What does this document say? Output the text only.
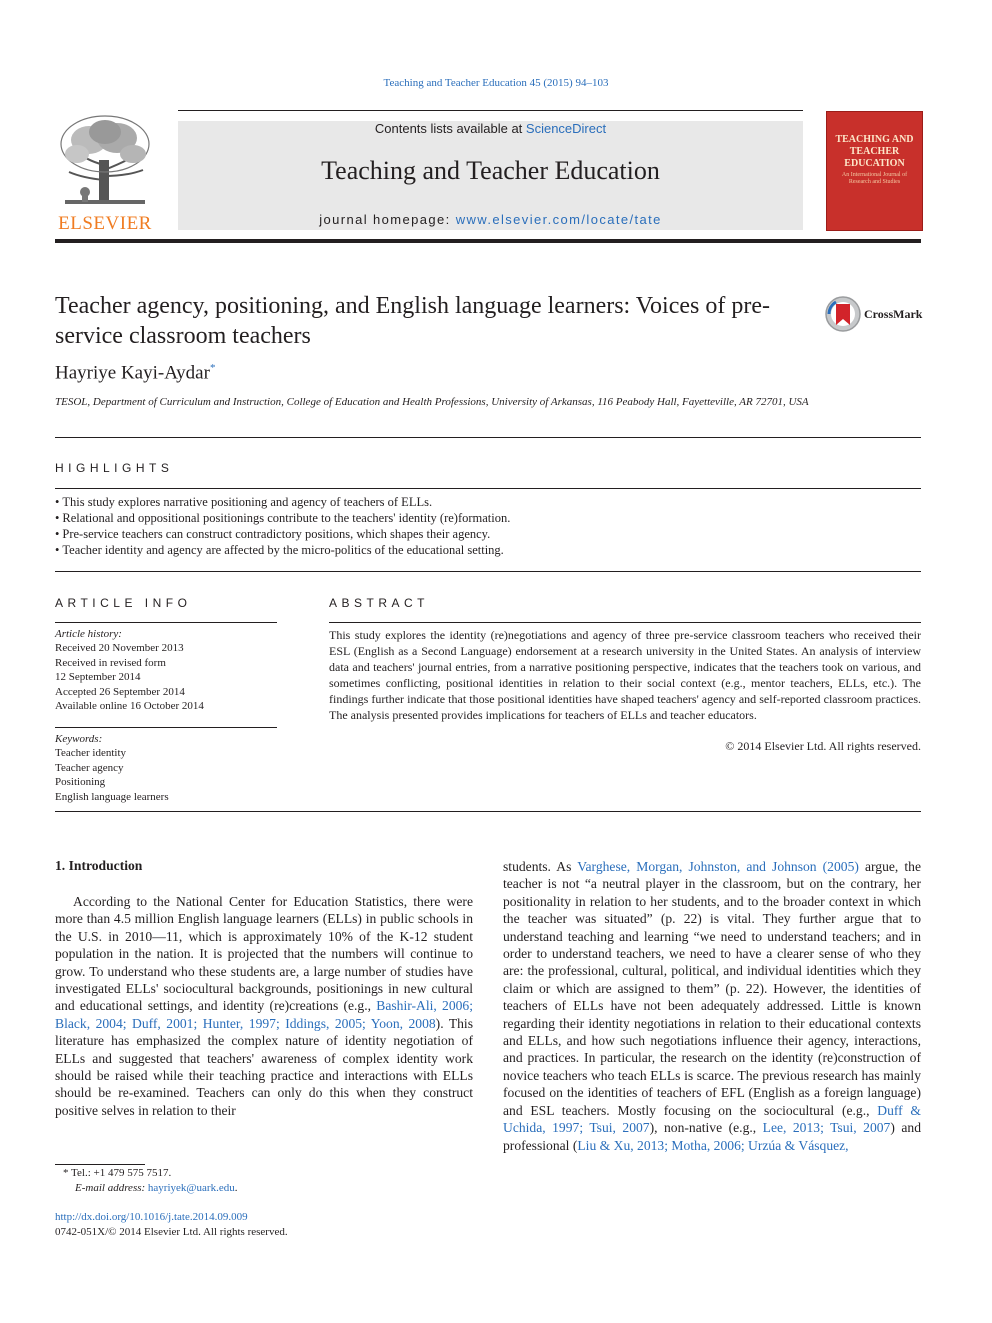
Teaching and Teacher Education 45 (2015) 94–103
ELSEVIER
Contents lists available at ScienceDirect
Teaching and Teacher Education
journal homepage: www.elsevier.com/locate/tate
TEACHING AND TEACHER EDUCATION
An International Journal of Research and Studies
Teacher agency, positioning, and English language learners: Voices of pre-service classroom teachers
CrossMark
Hayriye Kayi-Aydar*
TESOL, Department of Curriculum and Instruction, College of Education and Health Professions, University of Arkansas, 116 Peabody Hall, Fayetteville, AR 72701, USA
HIGHLIGHTS
• This study explores narrative positioning and agency of teachers of ELLs.
• Relational and oppositional positionings contribute to the teachers' identity (re)formation.
• Pre-service teachers can construct contradictory positions, which shapes their agency.
• Teacher identity and agency are affected by the micro-politics of the educational setting.
ARTICLE INFO
Article history:
Received 20 November 2013
Received in revised form
12 September 2014
Accepted 26 September 2014
Available online 16 October 2014
Keywords:
Teacher identity
Teacher agency
Positioning
English language learners
ABSTRACT
This study explores the identity (re)negotiations and agency of three pre-service classroom teachers who received their ESL (English as a Second Language) endorsement at a research university in the United States. An analysis of interview data and teachers' journal entries, from a narrative positioning perspective, indicates that the teachers took on various, and sometimes conflicting, positional identities in relation to their social context (e.g., mentor teachers, ELLs, etc.). The findings further indicate that those positional identities have shaped teachers' agency and self-reported classroom practices. The analysis presented provides implications for teachers of ELLs and teacher educators.
© 2014 Elsevier Ltd. All rights reserved.
1. Introduction
According to the National Center for Education Statistics, there were more than 4.5 million English language learners (ELLs) in public schools in the U.S. in 2010—11, which is approximately 10% of the K-12 student population in the nation. It is projected that the numbers will continue to grow. To understand who these students are, a large number of studies have investigated ELLs' sociocultural backgrounds, positionings in new cultural and educational settings, and identity (re)creations (e.g., Bashir-Ali, 2006; Black, 2004; Duff, 2001; Hunter, 1997; Iddings, 2005; Yoon, 2008). This literature has emphasized the complex nature of identity negotiation of ELLs and suggested that teachers' awareness of complex identity work should be raised while their teaching practice and interactions with ELLs should be re-examined. Teachers can only do this when they construct positive selves in relation to their
students. As Varghese, Morgan, Johnston, and Johnson (2005) argue, the teacher is not “a neutral player in the classroom, but on the contrary, her positionality in relation to her students, and to the broader context in which the teacher was situated” (p. 22) is vital. They further argue that to understand teaching and learning “we need to understand teachers; and in order to understand teachers, we need to have a clearer sense of who they are: the professional, cultural, political, and individual identities which they claim or which are assigned to them” (p. 22). However, the identities of teachers of ELLs have not been adequately addressed. Little is known regarding their identity negotiations in relation to their educational contexts and ELLs, and how such negotiations influence their agency, interactions, and practices. In particular, the research on the identity (re)construction of novice teachers who teach ELLs is scarce. The previous research has mainly focused on the identities of teachers of EFL (English as a foreign language) and ESL teachers. Mostly focusing on the sociocultural (e.g., Duff & Uchida, 1997; Tsui, 2007), non-native (e.g., Lee, 2013; Tsui, 2007) and professional (Liu & Xu, 2013; Motha, 2006; Urzúa & Vásquez,
* Tel.: +1 479 575 7517.
E-mail address: hayriyek@uark.edu.
http://dx.doi.org/10.1016/j.tate.2014.09.009
0742-051X/© 2014 Elsevier Ltd. All rights reserved.
